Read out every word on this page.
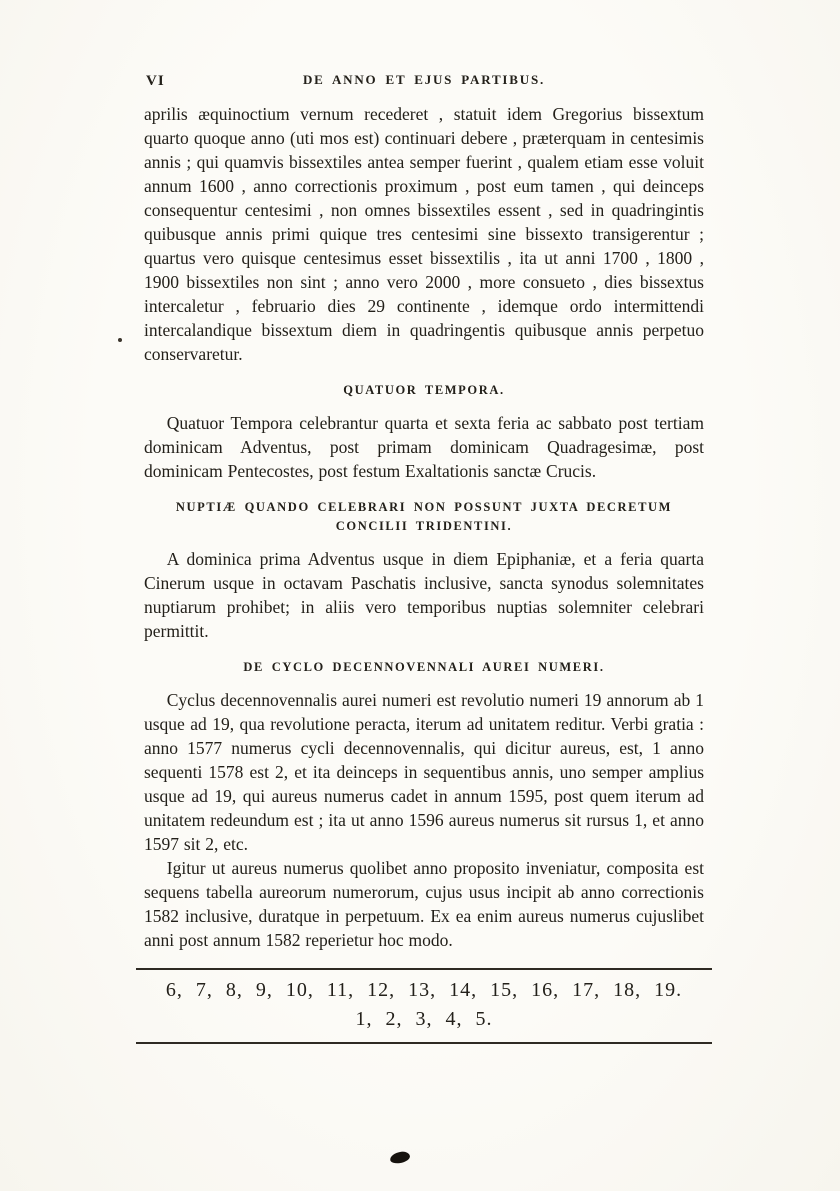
VI	DE ANNO ET EJUS PARTIBUS.

aprilis æquinoctium vernum recederet , statuit idem Gregorius bissextum quarto quoque anno (uti mos est) continuari debere , præterquam in centesimis annis ; qui quamvis bissextiles antea semper fuerint , qualem etiam esse voluit annum 1600 , anno correctionis proximum , post eum tamen , qui deinceps consequentur centesimi , non omnes bissextiles essent , sed in quadringintis quibusque annis primi quique tres centesimi sine bissexto transigerentur ; quartus vero quisque centesimus esset bissextilis , ita ut anni 1700 , 1800 , 1900 bissextiles non sint ; anno vero 2000 , more consueto , dies bissextus intercaletur , februario dies 29 continente , idemque ordo intermittendi intercalandique bissextum diem in quadringentis quibusque annis perpetuo conservaretur.

QUATUOR TEMPORA.

Quatuor Tempora celebrantur quarta et sexta feria ac sabbato post tertiam dominicam Adventus, post primam dominicam Quadragesimæ, post dominicam Pentecostes, post festum Exaltationis sanctæ Crucis.

NUPTIÆ QUANDO CELEBRARI NON POSSUNT JUXTA DECRETUM
CONCILII TRIDENTINI.

A dominica prima Adventus usque in diem Epiphaniæ, et a feria quarta Cinerum usque in octavam Paschatis inclusive, sancta synodus solemnitates nuptiarum prohibet; in aliis vero temporibus nuptias solemniter celebrari permittit.

DE CYCLO DECENNOVENNALI AUREI NUMERI.

Cyclus decennovennalis aurei numeri est revolutio numeri 19 annorum ab 1 usque ad 19, qua revolutione peracta, iterum ad unitatem reditur. Verbi gratia : anno 1577 numerus cycli decennovennalis, qui dicitur aureus, est, 1 anno sequenti 1578 est 2, et ita deinceps in sequentibus annis, uno semper amplius usque ad 19, qui aureus numerus cadet in annum 1595, post quem iterum ad unitatem redeundum est ; ita ut anno 1596 aureus numerus sit rursus 1, et anno 1597 sit 2, etc.

Igitur ut aureus numerus quolibet anno proposito inveniatur, composita est sequens tabella aureorum numerorum, cujus usus incipit ab anno correctionis 1582 inclusive, duratque in perpetuum. Ex ea enim aureus numerus cujuslibet anni post annum 1582 reperietur hoc modo.

6, 7, 8, 9, 10, 11, 12, 13, 14, 15, 16, 17, 18, 19.

1, 2, 3, 4, 5.
